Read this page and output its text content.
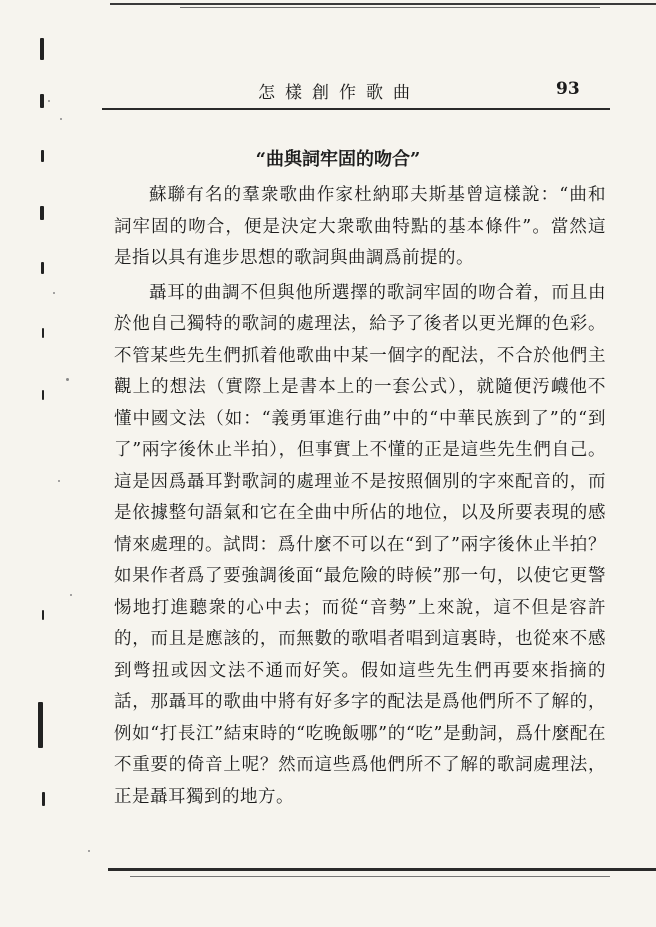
怎樣創作歌曲	93
“曲與詞牢固的吻合”

蘇聯有名的羣衆歌曲作家杜納耶夫斯基曾這樣說：“曲和詞牢固的吻合，便是決定大衆歌曲特點的基本條件”。當然這是指以具有進步思想的歌詞與曲調爲前提的。

聶耳的曲調不但與他所選擇的歌詞牢固的吻合着，而且由於他自己獨特的歌詞的處理法，給予了後者以更光輝的色彩。不管某些先生們抓着他歌曲中某一個字的配法，不合於他們主觀上的想法（實際上是書本上的一套公式），就隨便汚衊他不懂中國文法（如：“義勇軍進行曲”中的“中華民族到了”的“到了”兩字後休止半拍），但事實上不懂的正是這些先生們自己。這是因爲聶耳對歌詞的處理並不是按照個別的字來配音的，而是依據整句語氣和它在全曲中所佔的地位，以及所要表現的感情來處理的。試問：爲什麼不可以在“到了”兩字後休止半拍？如果作者爲了要強調後面“最危險的時候”那一句，以使它更警惕地打進聽衆的心中去；而從“音勢”上來說，這不但是容許的，而且是應該的，而無數的歌唱者唱到這裏時，也從來不感到彆扭或因文法不通而好笑。假如這些先生們再要來指摘的話，那聶耳的歌曲中將有好多字的配法是爲他們所不了解的，例如“打長江”結束時的“吃晚飯哪”的“吃”是動詞，爲什麼配在不重要的倚音上呢？然而這些爲他們所不了解的歌詞處理法，正是聶耳獨到的地方。
